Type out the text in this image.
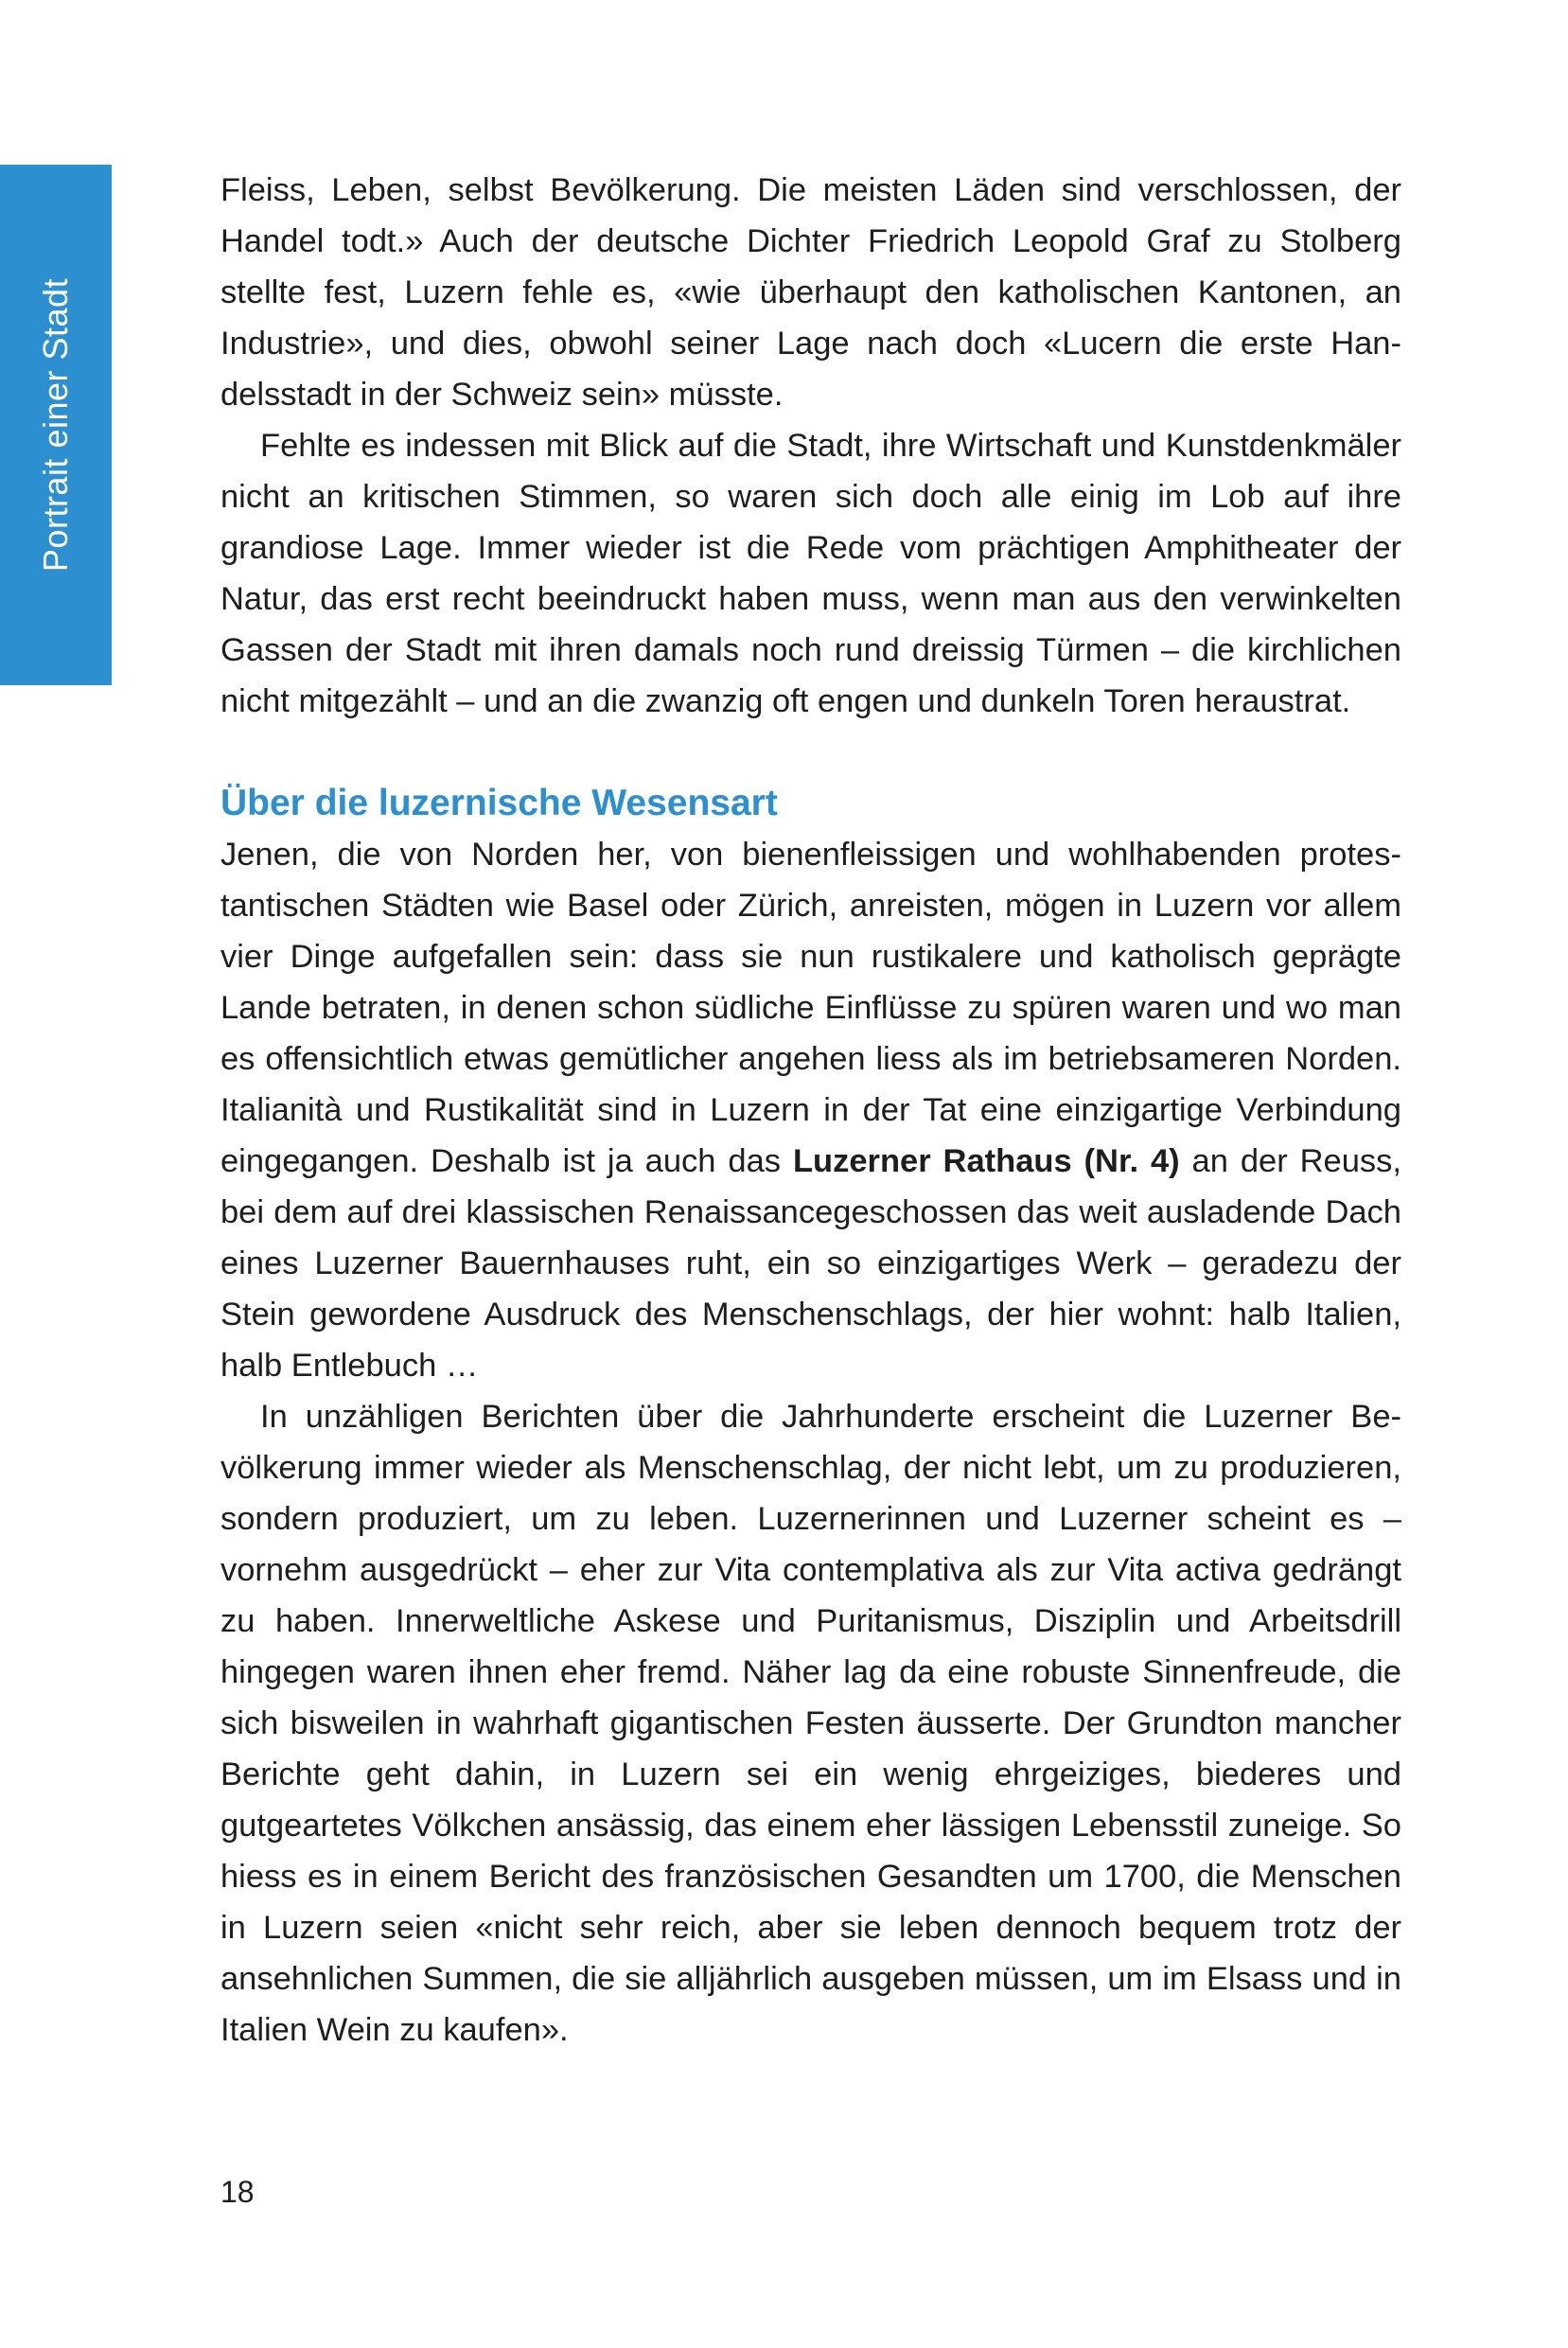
Portrait einer Stadt

Fleiss, Leben, selbst Bevölkerung. Die meisten Läden sind verschlossen, der Handel todt.» Auch der deutsche Dichter Friedrich Leopold Graf zu Stolberg stellte fest, Luzern fehle es, «wie überhaupt den katholischen Kantonen, an Industrie», und dies, obwohl seiner Lage nach doch «Lucern die erste Handelsstadt in der Schweiz sein» müsste.

Fehlte es indessen mit Blick auf die Stadt, ihre Wirtschaft und Kunstdenkmäler nicht an kritischen Stimmen, so waren sich doch alle einig im Lob auf ihre grandiose Lage. Immer wieder ist die Rede vom prächtigen Amphitheater der Natur, das erst recht beeindruckt haben muss, wenn man aus den verwinkelten Gassen der Stadt mit ihren damals noch rund dreissig Türmen – die kirchlichen nicht mitgezählt – und an die zwanzig oft engen und dunkeln Toren heraustrat.

Über die luzernische Wesensart

Jenen, die von Norden her, von bienenfleissigen und wohlhabenden protestantischen Städten wie Basel oder Zürich, anreisten, mögen in Luzern vor allem vier Dinge aufgefallen sein: dass sie nun rustikalere und katholisch geprägte Lande betraten, in denen schon südliche Einflüsse zu spüren waren und wo man es offensichtlich etwas gemütlicher angehen liess als im betriebsameren Norden. Italianità und Rustikalität sind in Luzern in der Tat eine einzigartige Verbindung eingegangen. Deshalb ist ja auch das Luzerner Rathaus (Nr. 4) an der Reuss, bei dem auf drei klassischen Renaissancegeschossen das weit ausladende Dach eines Luzerner Bauernhauses ruht, ein so einzigartiges Werk – geradezu der Stein gewordene Ausdruck des Menschenschlags, der hier wohnt: halb Italien, halb Entlebuch …

In unzähligen Berichten über die Jahrhunderte erscheint die Luzerner Bevölkerung immer wieder als Menschenschlag, der nicht lebt, um zu produzieren, sondern produziert, um zu leben. Luzernerinnen und Luzerner scheint es – vornehm ausgedrückt – eher zur Vita contemplativa als zur Vita activa gedrängt zu haben. Innerweltliche Askese und Puritanismus, Disziplin und Arbeitsdrill hingegen waren ihnen eher fremd. Näher lag da eine robuste Sinnenfreude, die sich bisweilen in wahrhaft gigantischen Festen äusserte. Der Grundton mancher Berichte geht dahin, in Luzern sei ein wenig ehrgeiziges, biederes und gutgeartetes Völkchen ansässig, das einem eher lässigen Lebensstil zuneige. So hiess es in einem Bericht des französischen Gesandten um 1700, die Menschen in Luzern seien «nicht sehr reich, aber sie leben dennoch bequem trotz der ansehnlichen Summen, die sie alljährlich ausgeben müssen, um im Elsass und in Italien Wein zu kaufen».

18
